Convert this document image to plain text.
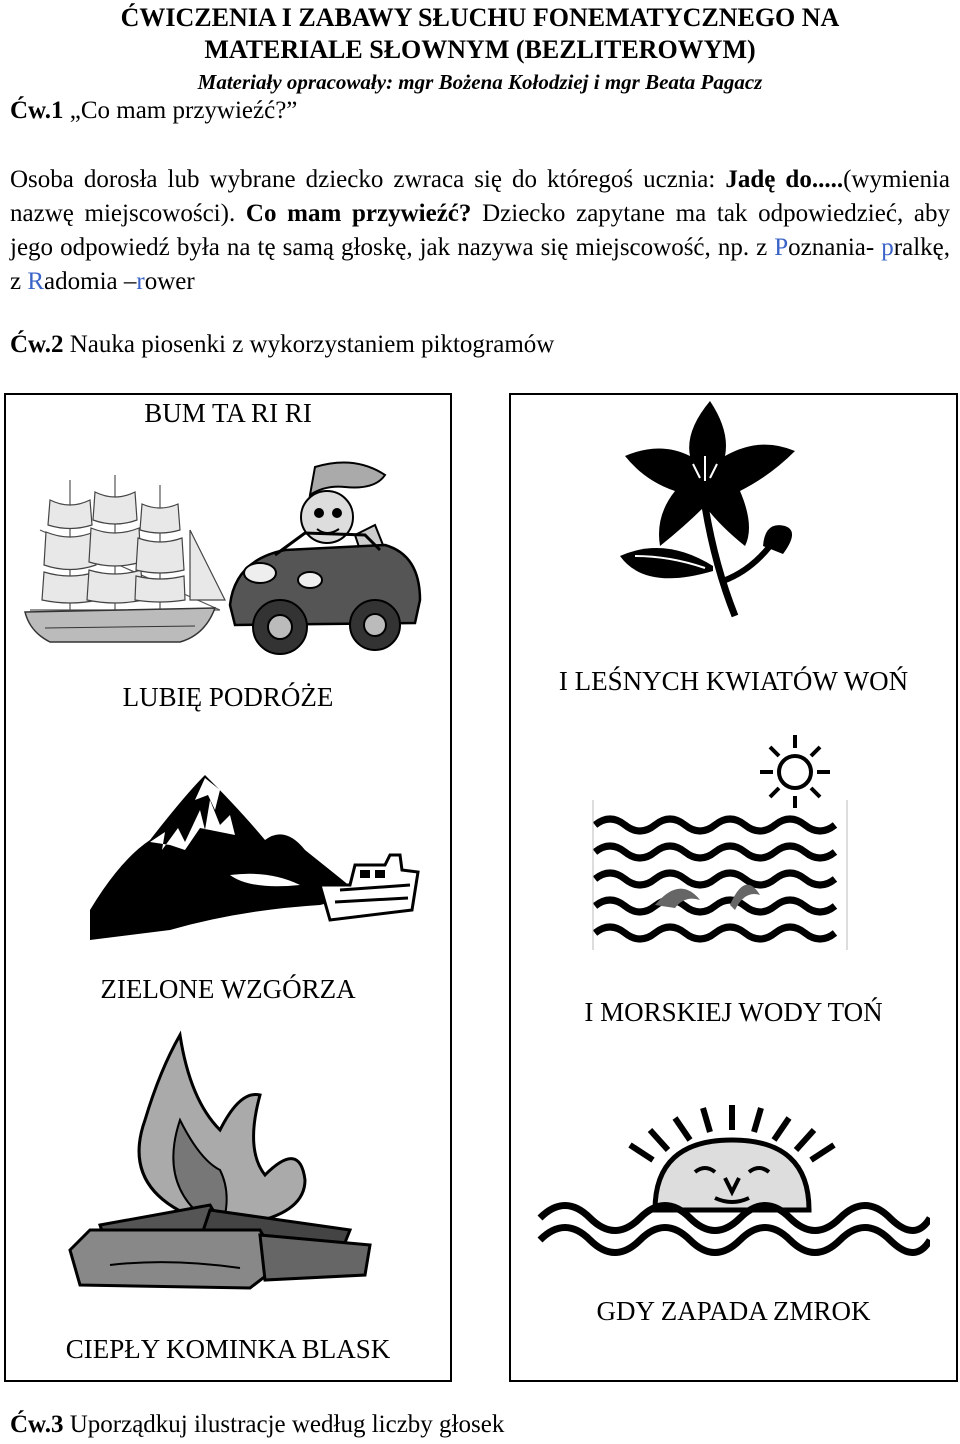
ĆWICZENIA I ZABAWY SŁUCHU FONEMATYCZNEGO NA
MATERIALE SŁOWNYM (BEZLITEROWYM)
Materiały opracowały: mgr Bożena Kołodziej i mgr Beata Pagacz
Ćw.1 „Co mam przywieźć?”
Osoba dorosła lub wybrane dziecko zwraca się do któregoś ucznia: Jadę do.....(wymienia nazwę miejscowości). Co mam przywieźć? Dziecko zapytane ma tak odpowiedzieć, aby jego odpowiedź była na tę samą głoskę, jak nazywa się miejscowość, np. z Poznania- pralkę, z Radomia –rower
Ćw.2 Nauka piosenki z wykorzystaniem piktogramów
BUM TA RI RI
LUBIĘ PODRÓŻE
I LEŚNYCH KWIATÓW WOŃ
ZIELONE WZGÓRZA
I MORSKIEJ WODY TOŃ
CIEPŁY KOMINKA BLASK
GDY ZAPADA ZMROK
Ćw.3 Uporządkuj ilustracje według liczby głosek
